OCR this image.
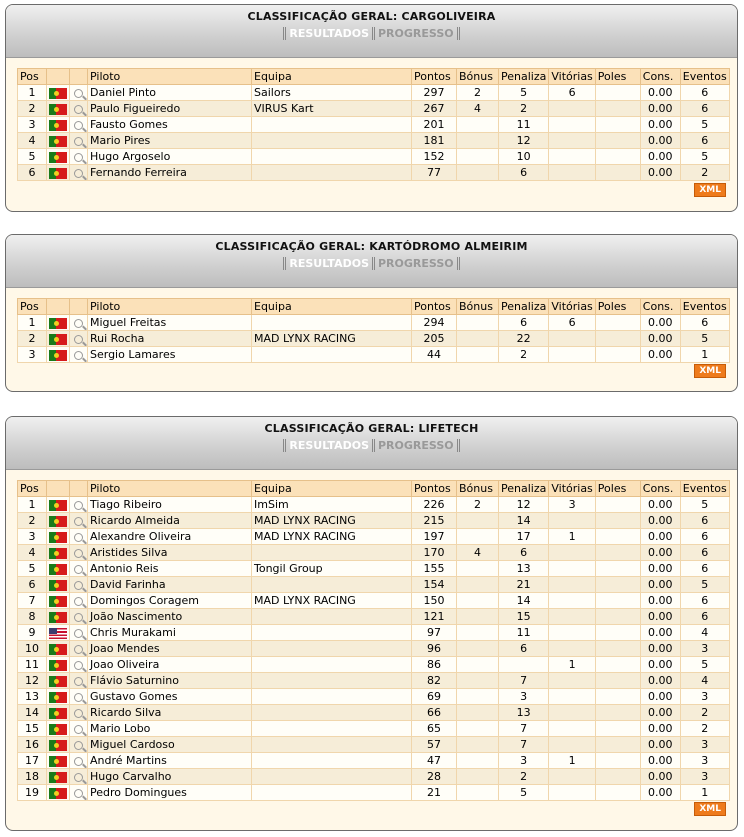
CLASSIFICAÇÃO GERAL: CARGOLIVEIRA
RESULTADOS PROGRESSO
Pos			Piloto	Equipa	Pontos	Bónus	Penaliza	Vitórias	Poles	Cons.	Eventos
1			Daniel Pinto	Sailors	297	2	5	6		0.00	6
2			Paulo Figueiredo	VIRUS Kart	267	4	2			0.00	6
3			Fausto Gomes		201		11			0.00	5
4			Mario Pires		181		12			0.00	6
5			Hugo Argoselo		152		10			0.00	5
6			Fernando Ferreira		77		6			0.00	2
XML
CLASSIFICAÇÃO GERAL: KARTÓDROMO ALMEIRIM
RESULTADOS PROGRESSO
Pos			Piloto	Equipa	Pontos	Bónus	Penaliza	Vitórias	Poles	Cons.	Eventos
1			Miguel Freitas		294		6	6		0.00	6
2			Rui Rocha	MAD LYNX RACING	205		22			0.00	5
3			Sergio Lamares		44		2			0.00	1
XML
CLASSIFICAÇÃO GERAL: LIFETECH
RESULTADOS PROGRESSO
Pos			Piloto	Equipa	Pontos	Bónus	Penaliza	Vitórias	Poles	Cons.	Eventos
1			Tiago Ribeiro	ImSim	226	2	12	3		0.00	5
2			Ricardo Almeida	MAD LYNX RACING	215		14			0.00	6
3			Alexandre Oliveira	MAD LYNX RACING	197		17	1		0.00	6
4			Aristides Silva		170	4	6			0.00	6
5			Antonio Reis	Tongil Group	155		13			0.00	6
6			David Farinha		154		21			0.00	5
7			Domingos Coragem	MAD LYNX RACING	150		14			0.00	6
8			João Nascimento		121		15			0.00	6
9			Chris Murakami		97		11			0.00	4
10			Joao Mendes		96		6			0.00	3
11			Joao Oliveira		86			1		0.00	5
12			Flávio Saturnino		82		7			0.00	4
13			Gustavo Gomes		69		3			0.00	3
14			Ricardo Silva		66		13			0.00	2
15			Mario Lobo		65		7			0.00	2
16			Miguel Cardoso		57		7			0.00	3
17			André Martins		47		3	1		0.00	3
18			Hugo Carvalho		28		2			0.00	3
19			Pedro Domingues		21		5			0.00	1
XML
